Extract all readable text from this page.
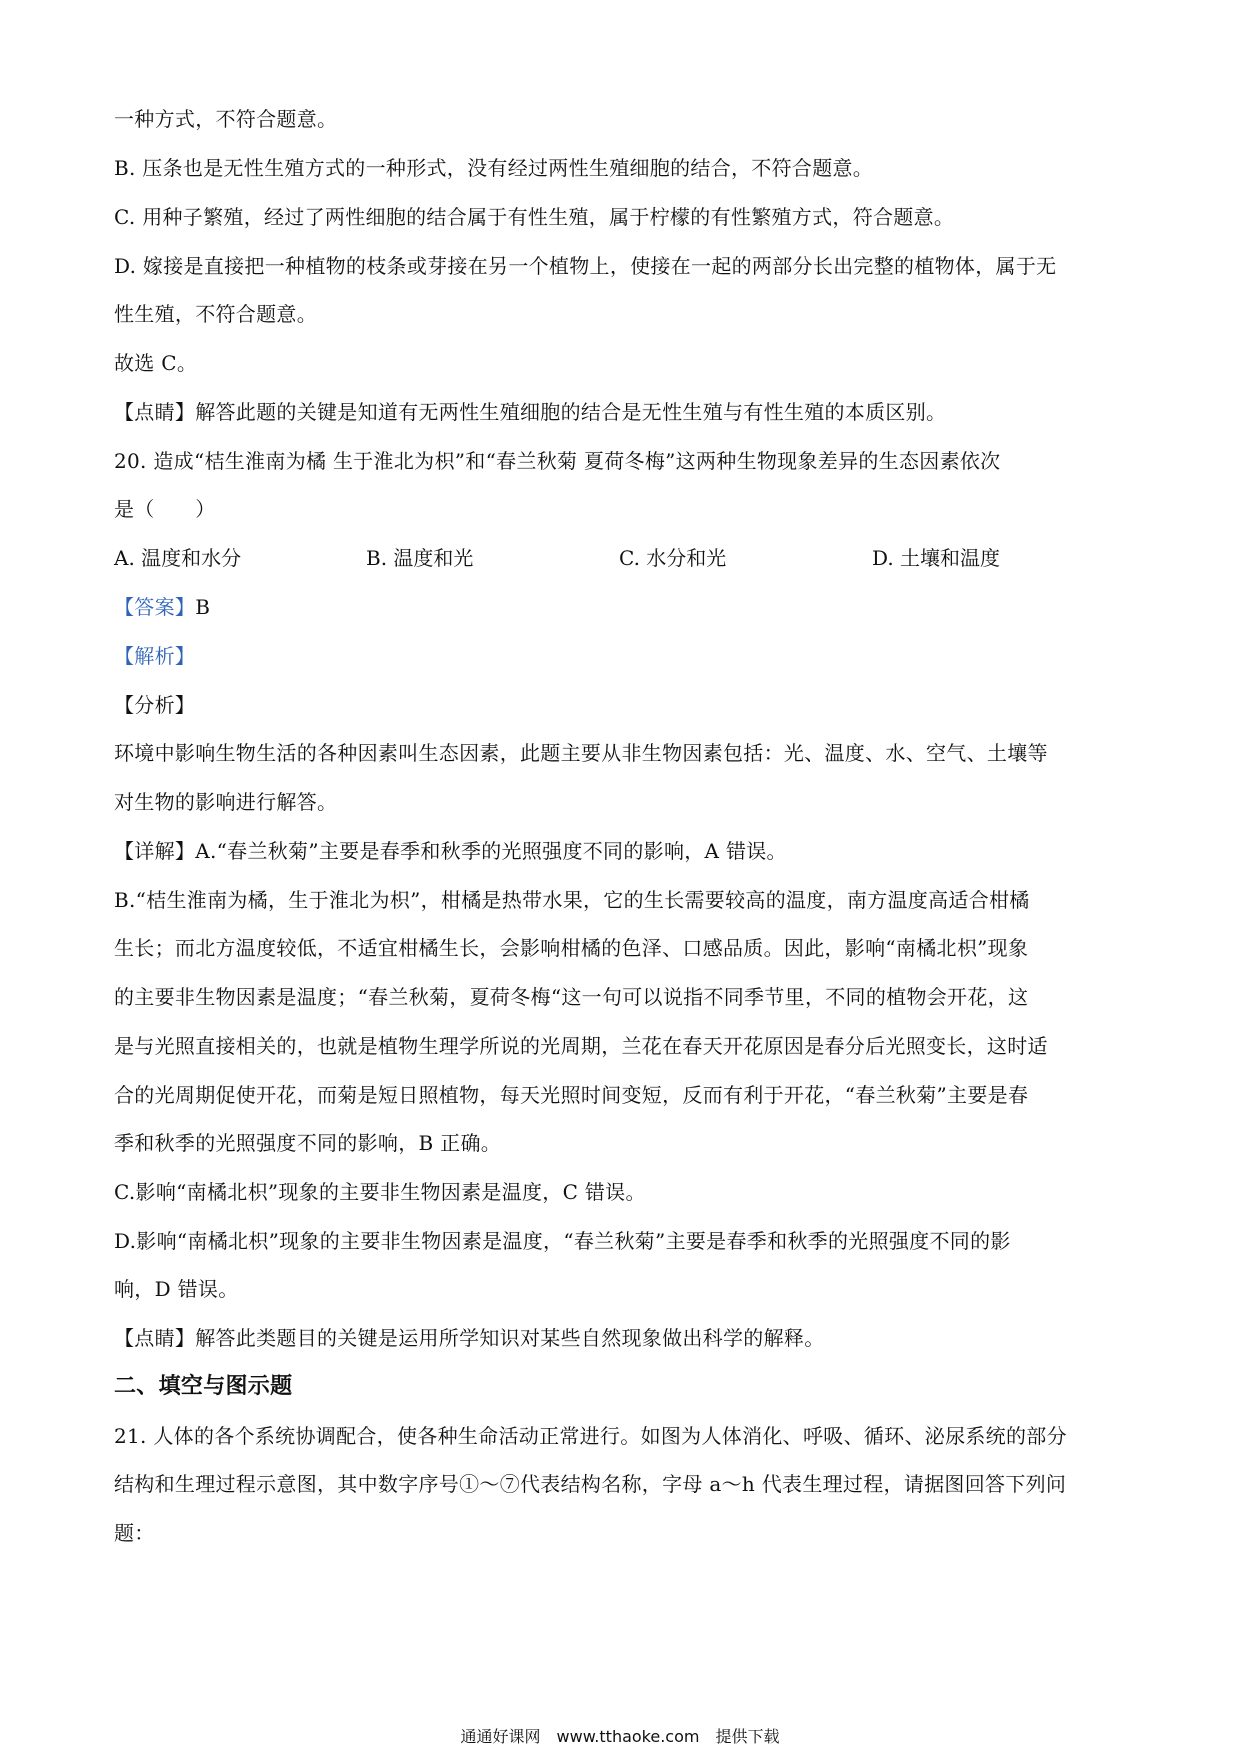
一种方式，不符合题意。
B. 压条也是无性生殖方式的一种形式，没有经过两性生殖细胞的结合，不符合题意。
C. 用种子繁殖，经过了两性细胞的结合属于有性生殖，属于柠檬的有性繁殖方式，符合题意。
D. 嫁接是直接把一种植物的枝条或芽接在另一个植物上，使接在一起的两部分长出完整的植物体，属于无
性生殖，不符合题意。
故选 C。
【点睛】解答此题的关键是知道有无两性生殖细胞的结合是无性生殖与有性生殖的本质区别。
20. 造成“桔生淮南为橘 生于淮北为枳”和“春兰秋菊 夏荷冬梅”这两种生物现象差异的生态因素依次
是（　　）
A. 温度和水分	B. 温度和光	C. 水分和光	D. 土壤和温度
【答案】B
【解析】
【分析】
环境中影响生物生活的各种因素叫生态因素，此题主要从非生物因素包括：光、温度、水、空气、土壤等
对生物的影响进行解答。
【详解】A.“春兰秋菊”主要是春季和秋季的光照强度不同的影响，A 错误。
B.“桔生淮南为橘，生于淮北为枳”，柑橘是热带水果，它的生长需要较高的温度，南方温度高适合柑橘
生长；而北方温度较低，不适宜柑橘生长，会影响柑橘的色泽、口感品质。因此，影响“南橘北枳”现象
的主要非生物因素是温度；“春兰秋菊，夏荷冬梅“这一句可以说指不同季节里，不同的植物会开花，这
是与光照直接相关的，也就是植物生理学所说的光周期，兰花在春天开花原因是春分后光照变长，这时适
合的光周期促使开花，而菊是短日照植物，每天光照时间变短，反而有利于开花，“春兰秋菊”主要是春
季和秋季的光照强度不同的影响，B 正确。
C.影响“南橘北枳”现象的主要非生物因素是温度，C 错误。
D.影响“南橘北枳”现象的主要非生物因素是温度，“春兰秋菊”主要是春季和秋季的光照强度不同的影
响，D 错误。
【点睛】解答此类题目的关键是运用所学知识对某些自然现象做出科学的解释。
二、填空与图示题
21. 人体的各个系统协调配合，使各种生命活动正常进行。如图为人体消化、呼吸、循环、泌尿系统的部分
结构和生理过程示意图，其中数字序号①～⑦代表结构名称，字母 a～h 代表生理过程，请据图回答下列问
题：
通通好课网　www.tthaoke.com　提供下载
